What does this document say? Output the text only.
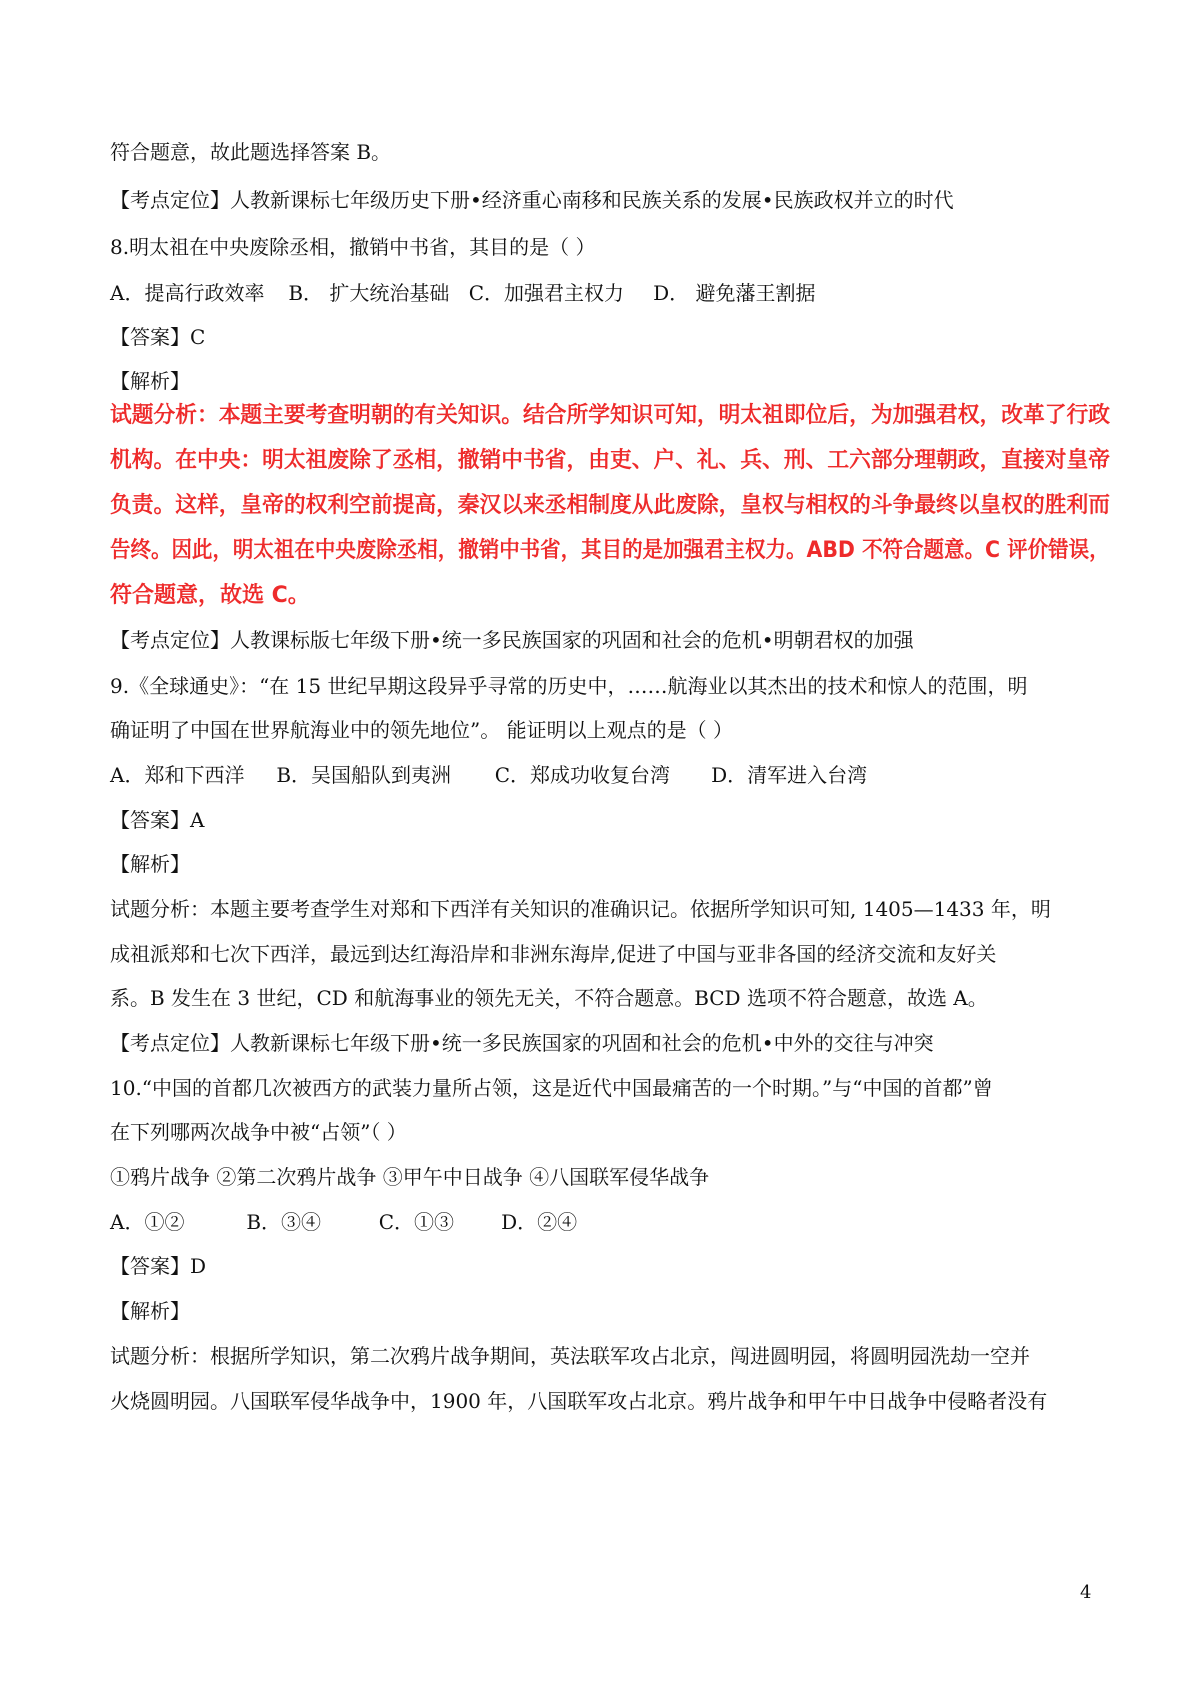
符合题意，故此题选择答案 B。
【考点定位】人教新课标七年级历史下册•经济重心南移和民族关系的发展•民族政权并立的时代
8.明太祖在中央废除丞相，撤销中书省，其目的是（ ）
A．提高行政效率 B． 扩大统治基础 C．加强君主权力 D． 避免藩王割据
【答案】C
【解析】
试题分析：本题主要考查明朝的有关知识。结合所学知识可知，明太祖即位后，为加强君权，改革了行政
机构。在中央：明太祖废除了丞相，撤销中书省，由吏、户、礼、兵、刑、工六部分理朝政，直接对皇帝
负责。这样，皇帝的权利空前提高，秦汉以来丞相制度从此废除，皇权与相权的斗争最终以皇权的胜利而
告终。因此，明太祖在中央废除丞相，撤销中书省，其目的是加强君主权力。ABD 不符合题意。C 评价错误，
符合题意，故选 C。
【考点定位】人教课标版七年级下册•统一多民族国家的巩固和社会的危机•明朝君权的加强
9.《全球通史》：“在 15 世纪早期这段异乎寻常的历史中，……航海业以其杰出的技术和惊人的范围，明
确证明了中国在世界航海业中的领先地位”。 能证明以上观点的是（ ）
A．郑和下西洋 B．吴国船队到夷洲 C．郑成功收复台湾 D．清军进入台湾
【答案】A
【解析】
试题分析：本题主要考查学生对郑和下西洋有关知识的准确识记。依据所学知识可知, 1405—1433 年，明
成祖派郑和七次下西洋，最远到达红海沿岸和非洲东海岸,促进了中国与亚非各国的经济交流和友好关
系。B 发生在 3 世纪，CD 和航海事业的领先无关，不符合题意。BCD 选项不符合题意，故选 A。
【考点定位】人教新课标七年级下册•统一多民族国家的巩固和社会的危机•中外的交往与冲突
10.“中国的首都几次被西方的武装力量所占领，这是近代中国最痛苦的一个时期。”与“中国的首都”曾
在下列哪两次战争中被“占领”（ ）
①鸦片战争 ②第二次鸦片战争 ③甲午中日战争 ④八国联军侵华战争
A．①②	B．③④	C．①③ D．②④
【答案】D
【解析】
试题分析：根据所学知识，第二次鸦片战争期间，英法联军攻占北京，闯进圆明园，将圆明园洗劫一空并
火烧圆明园。八国联军侵华战争中，1900 年，八国联军攻占北京。鸦片战争和甲午中日战争中侵略者没有
4
